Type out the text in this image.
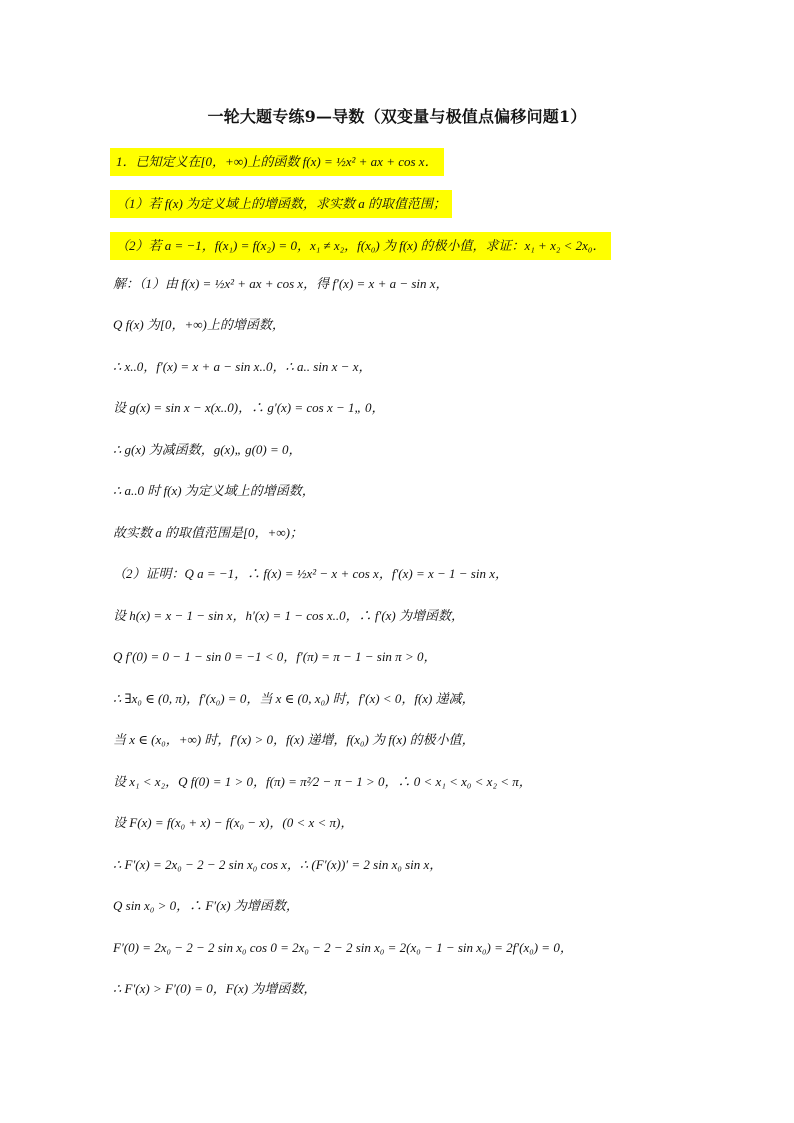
一轮大题专练9—导数（双变量与极值点偏移问题1）
1．已知定义在[0，+∞)上的函数 f(x) = ½x² + ax + cos x．
（1）若 f(x) 为定义域上的增函数，求实数 a 的取值范围；
（2）若 a = −1，f(x₁) = f(x₂) = 0，x₁ ≠ x₂，f(x₀) 为 f(x) 的极小值，求证：x₁ + x₂ < 2x₀．
解：（1）由 f(x) = ½x² + ax + cos x，得 f′(x) = x + a − sin x，
Q f(x) 为[0，+∞)上的增函数，
∴ x..0，f′(x) = x + a − sin x..0，∴ a.. sin x − x，
设 g(x) = sin x − x(x..0)，∴ g′(x) = cos x − 1„ 0，
∴ g(x) 为减函数，g(x)„ g(0) = 0，
∴ a..0 时 f(x) 为定义域上的增函数，
故实数 a 的取值范围是[0，+∞)；
（2）证明：Q a = −1，∴ f(x) = ½x² − x + cos x，f′(x) = x − 1 − sin x，
设 h(x) = x − 1 − sin x，h′(x) = 1 − cos x..0，∴ f′(x) 为增函数，
Q f′(0) = 0 − 1 − sin 0 = −1 < 0，f′(π) = π − 1 − sin π > 0，
∴ ∃x₀ ∈ (0, π)，f′(x₀) = 0，当 x ∈ (0, x₀) 时，f′(x) < 0，f(x) 递减，
当 x ∈ (x₀，+∞) 时，f′(x) > 0，f(x) 递增，f(x₀) 为 f(x) 的极小值，
设 x₁ < x₂，Q f(0) = 1 > 0，f(π) = π²⁄2 − π − 1 > 0，∴ 0 < x₁ < x₀ < x₂ < π，
设 F(x) = f(x₀ + x) − f(x₀ − x)，(0 < x < π)，
∴ F′(x) = 2x₀ − 2 − 2 sin x₀ cos x，∴ (F′(x))′ = 2 sin x₀ sin x，
Q sin x₀ > 0，∴ F′(x) 为增函数，
F′(0) = 2x₀ − 2 − 2 sin x₀ cos 0 = 2x₀ − 2 − 2 sin x₀ = 2(x₀ − 1 − sin x₀) = 2f′(x₀) = 0，
∴ F′(x) > F′(0) = 0，F(x) 为增函数，
